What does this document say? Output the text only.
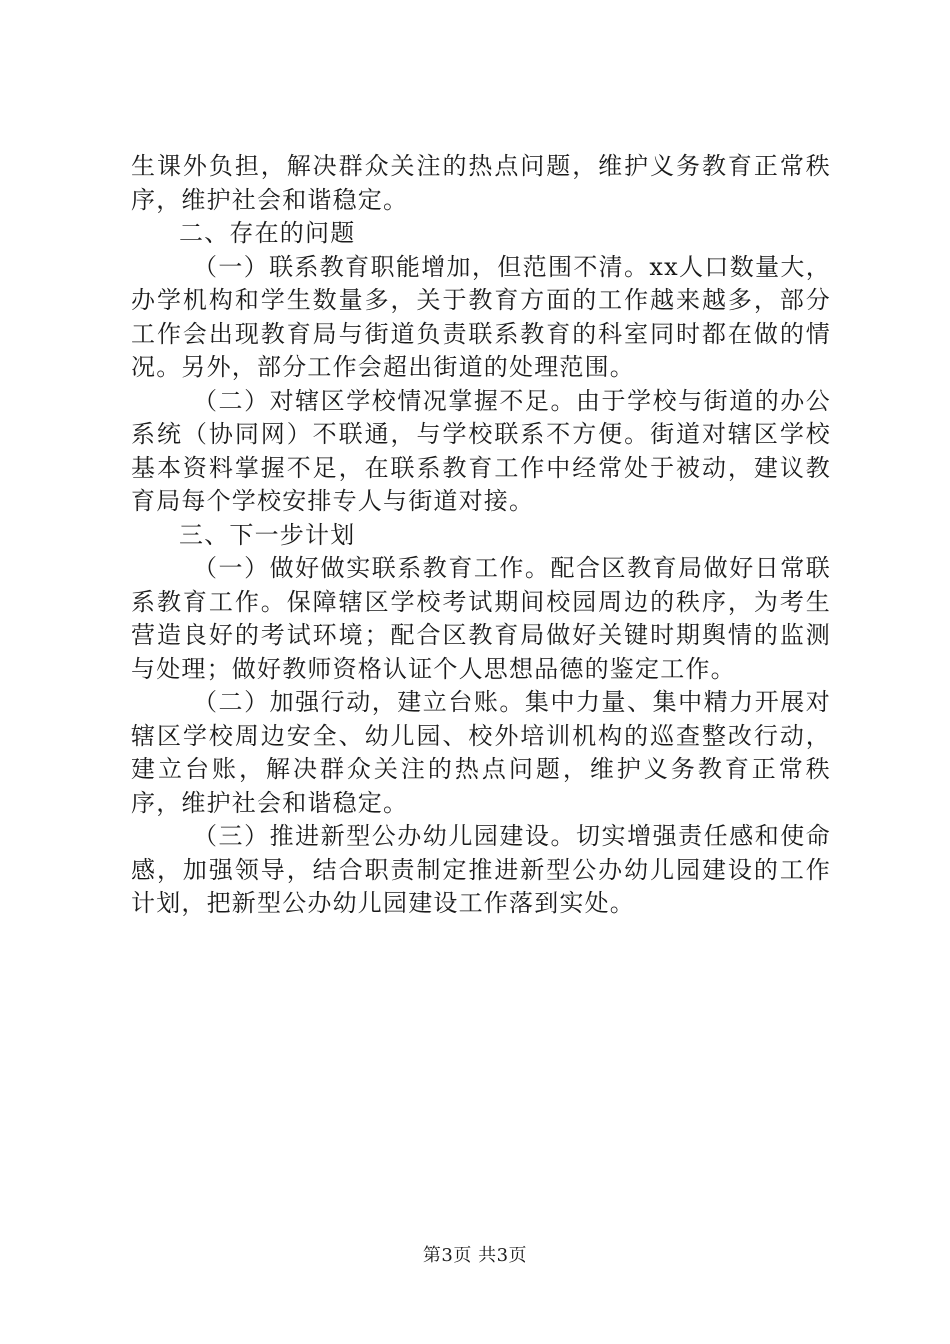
生课外负担，解决群众关注的热点问题，维护义务教育正常秩序，维护社会和谐稳定。

二、存在的问题

（一）联系教育职能增加，但范围不清。xx人口数量大，办学机构和学生数量多，关于教育方面的工作越来越多，部分工作会出现教育局与街道负责联系教育的科室同时都在做的情况。另外，部分工作会超出街道的处理范围。

（二）对辖区学校情况掌握不足。由于学校与街道的办公系统（协同网）不联通，与学校联系不方便。街道对辖区学校基本资料掌握不足，在联系教育工作中经常处于被动，建议教育局每个学校安排专人与街道对接。

三、下一步计划

（一）做好做实联系教育工作。配合区教育局做好日常联系教育工作。保障辖区学校考试期间校园周边的秩序，为考生营造良好的考试环境；配合区教育局做好关键时期舆情的监测与处理；做好教师资格认证个人思想品德的鉴定工作。

（二）加强行动，建立台账。集中力量、集中精力开展对辖区学校周边安全、幼儿园、校外培训机构的巡查整改行动，建立台账，解决群众关注的热点问题，维护义务教育正常秩序，维护社会和谐稳定。

（三）推进新型公办幼儿园建设。切实增强责任感和使命感，加强领导，结合职责制定推进新型公办幼儿园建设的工作计划，把新型公办幼儿园建设工作落到实处。

第3页 共3页
